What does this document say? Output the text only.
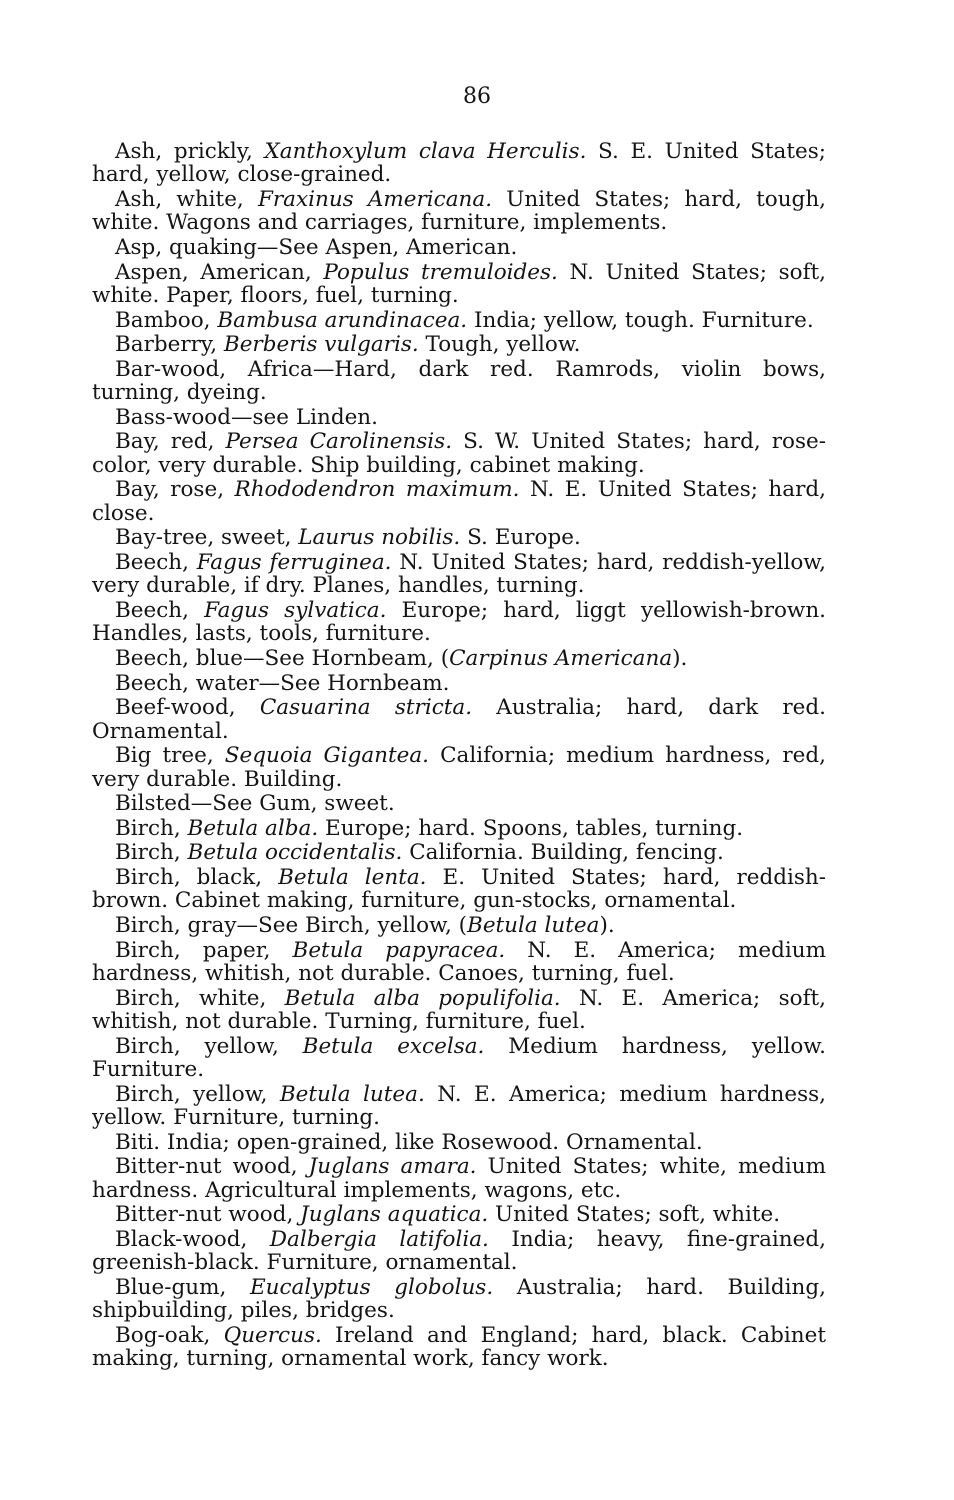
86

Ash, prickly, Xanthoxylum clava Herculis. S. E. United States; hard, yellow, close-grained.

Ash, white, Fraxinus Americana. United States; hard, tough, white. Wagons and carriages, furniture, implements.

Asp, quaking—See Aspen, American.

Aspen, American, Populus tremuloides. N. United States; soft, white. Paper, floors, fuel, turning.

Bamboo, Bambusa arundinacea. India; yellow, tough. Furniture.

Barberry, Berberis vulgaris. Tough, yellow.

Bar-wood, Africa—Hard, dark red. Ramrods, violin bows, turning, dyeing.

Bass-wood—see Linden.

Bay, red, Persea Carolinensis. S. W. United States; hard, rose-color, very durable. Ship building, cabinet making.

Bay, rose, Rhododendron maximum. N. E. United States; hard, close.

Bay-tree, sweet, Laurus nobilis. S. Europe.

Beech, Fagus ferruginea. N. United States; hard, reddish-yellow, very durable, if dry. Planes, handles, turning.

Beech, Fagus sylvatica. Europe; hard, liggt yellowish-brown. Handles, lasts, tools, furniture.

Beech, blue—See Hornbeam, (Carpinus Americana).

Beech, water—See Hornbeam.

Beef-wood, Casuarina stricta. Australia; hard, dark red. Ornamental.

Big tree, Sequoia Gigantea. California; medium hardness, red, very durable. Building.

Bilsted—See Gum, sweet.

Birch, Betula alba. Europe; hard. Spoons, tables, turning.

Birch, Betula occidentalis. California. Building, fencing.

Birch, black, Betula lenta. E. United States; hard, reddish-brown. Cabinet making, furniture, gun-stocks, ornamental.

Birch, gray—See Birch, yellow, (Betula lutea).

Birch, paper, Betula papyracea. N. E. America; medium hardness, whitish, not durable. Canoes, turning, fuel.

Birch, white, Betula alba populifolia. N. E. America; soft, whitish, not durable. Turning, furniture, fuel.

Birch, yellow, Betula excelsa. Medium hardness, yellow. Furniture.

Birch, yellow, Betula lutea. N. E. America; medium hardness, yellow. Furniture, turning.

Biti. India; open-grained, like Rosewood. Ornamental.

Bitter-nut wood, Juglans amara. United States; white, medium hardness. Agricultural implements, wagons, etc.

Bitter-nut wood, Juglans aquatica. United States; soft, white.

Black-wood, Dalbergia latifolia. India; heavy, fine-grained, greenish-black. Furniture, ornamental.

Blue-gum, Eucalyptus globolus. Australia; hard. Building, shipbuilding, piles, bridges.

Bog-oak, Quercus. Ireland and England; hard, black. Cabinet making, turning, ornamental work, fancy work.
